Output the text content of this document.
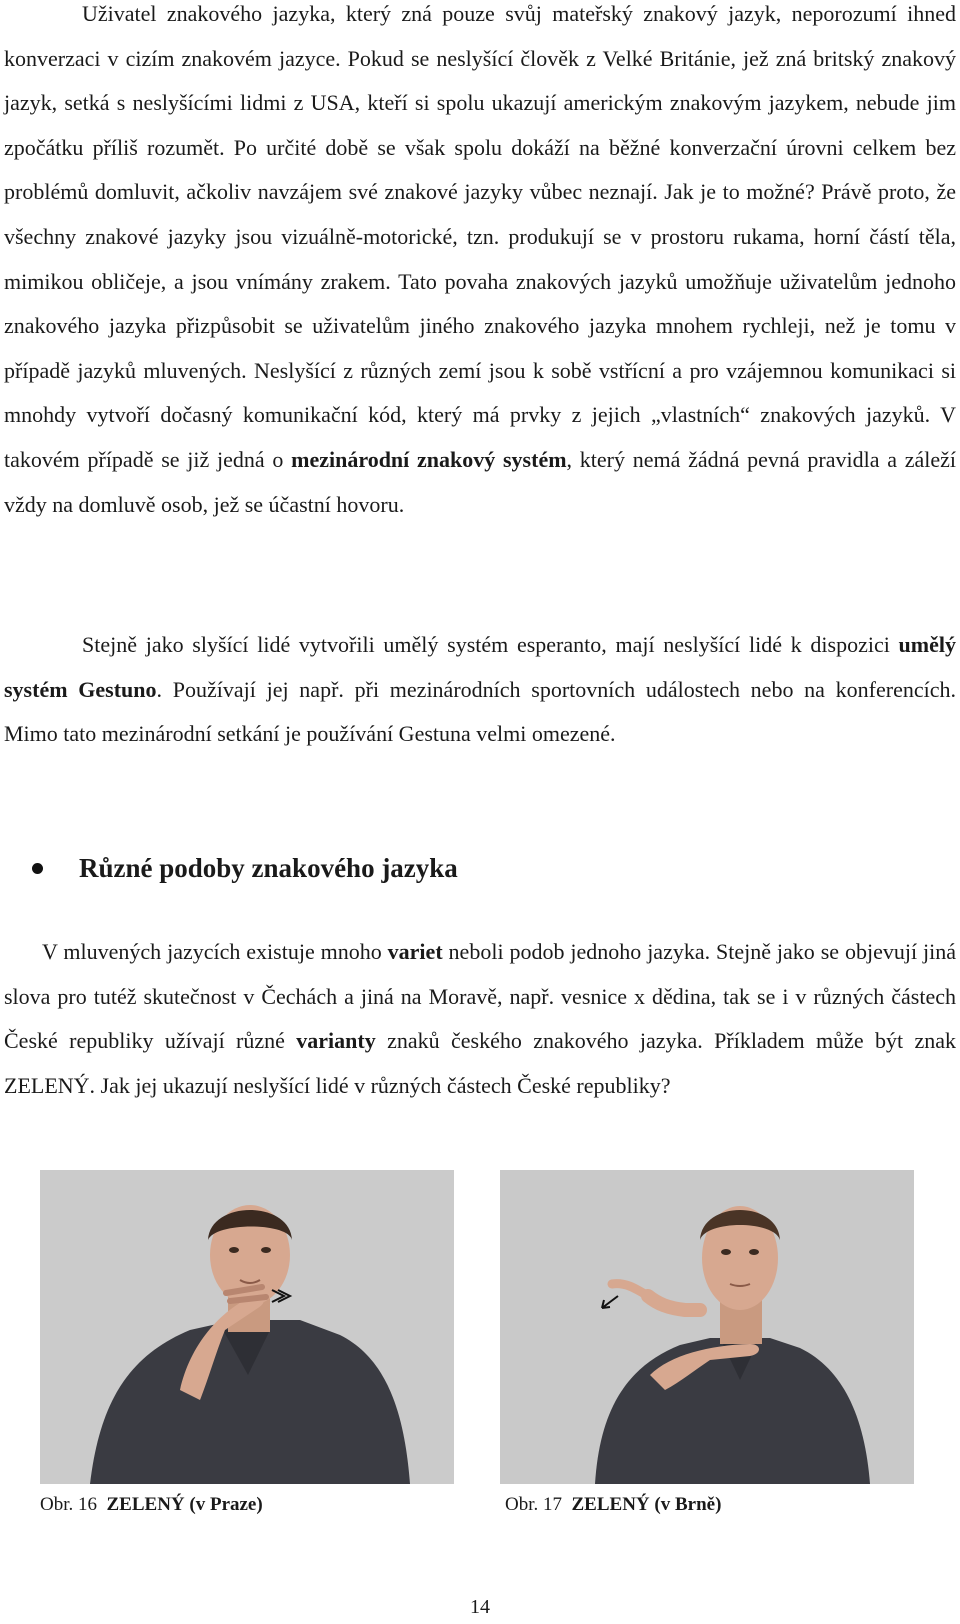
Uživatel znakového jazyka, který zná pouze svůj mateřský znakový jazyk, neporozumí ihned konverzaci v cizím znakovém jazyce. Pokud se neslyšící člověk z Velké Británie, jež zná britský znakový jazyk, setká s neslyšícími lidmi z USA, kteří si spolu ukazují americkým znakovým jazykem, nebude jim zpočátku příliš rozumět. Po určité době se však spolu dokáží na běžné konverzační úrovni celkem bez problémů domluvit, ačkoliv navzájem své znakové jazyky vůbec neznají. Jak je to možné? Právě proto, že všechny znakové jazyky jsou vizuálně-motorické, tzn. produkují se v prostoru rukama, horní částí těla, mimikou obličeje, a jsou vnímány zrakem. Tato povaha znakových jazyků umožňuje uživatelům jednoho znakového jazyka přizpůsobit se uživatelům jiného znakového jazyka mnohem rychleji, než je tomu v případě jazyků mluvených. Neslyšící z různých zemí jsou k sobě vstřícní a pro vzájemnou komunikaci si mnohdy vytvoří dočasný komunikační kód, který má prvky z jejich „vlastních“ znakových jazyků. V takovém případě se již jedná o mezinárodní znakový systém, který nemá žádná pevná pravidla a záleží vždy na domluvě osob, jež se účastní hovoru.

Stejně jako slyšící lidé vytvořili umělý systém esperanto, mají neslyšící lidé k dispozici umělý systém Gestuno. Používají jej např. při mezinárodních sportovních událostech nebo na konferencích. Mimo tato mezinárodní setkání je používání Gestuna velmi omezené.

Různé podoby znakového jazyka

V mluvených jazycích existuje mnoho variet neboli podob jednoho jazyka. Stejně jako se objevují jiná slova pro tutéž skutečnost v Čechách a jiná na Moravě, např. vesnice x dědina, tak se i v různých částech České republiky užívají různé varianty znaků českého znakového jazyka. Příkladem může být znak ZELENÝ. Jak jej ukazují neslyšící lidé v různých částech České republiky?

Obr. 16 ZELENÝ (v Praze)	Obr. 17 ZELENÝ (v Brně)
14
